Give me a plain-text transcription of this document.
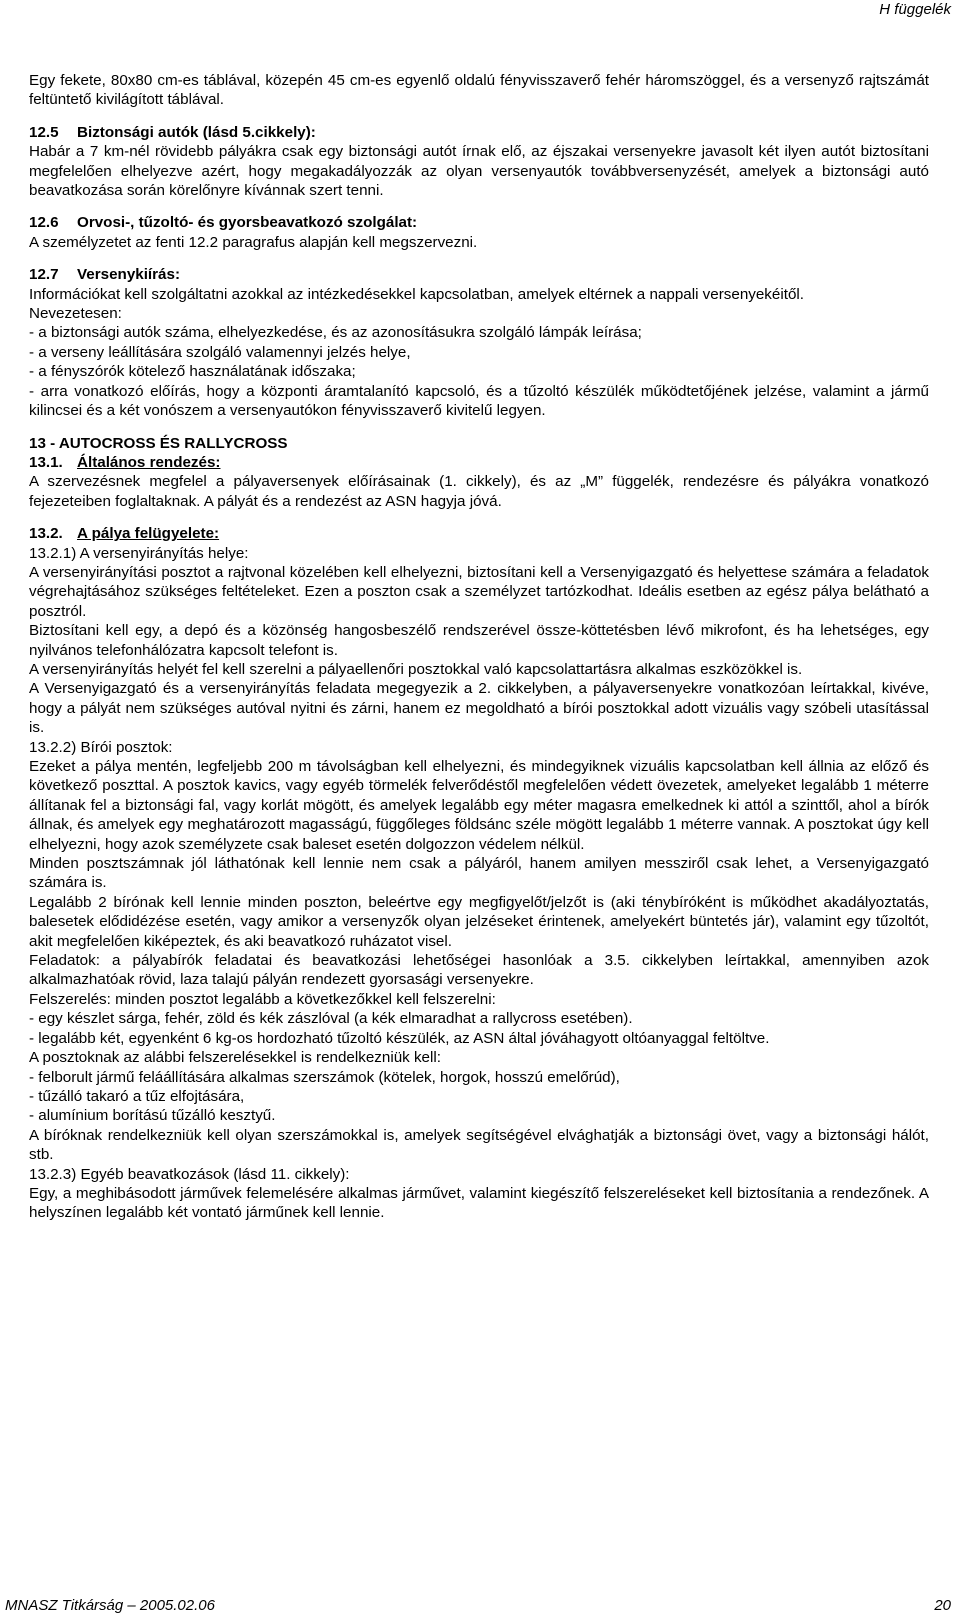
H függelék

Egy fekete, 80x80 cm-es táblával, közepén 45 cm-es egyenlő oldalú fényvisszaverő fehér háromszöggel, és a versenyző rajtszámát feltüntető kivilágított táblával.

12.5 Biztonsági autók (lásd 5.cikkely):

Habár a 7 km-nél rövidebb pályákra csak egy biztonsági autót írnak elő, az éjszakai versenyekre javasolt két ilyen autót biztosítani megfelelően elhelyezve azért, hogy megakadályozzák az olyan versenyautók továbbversenyzését, amelyek a biztonsági autó beavatkozása során körelőnyre kívánnak szert tenni.

12.6 Orvosi-, tűzoltó- és gyorsbeavatkozó szolgálat:

A személyzetet az fenti 12.2 paragrafus alapján kell megszervezni.

12.7 Versenykiírás:

Információkat kell szolgáltatni azokkal az intézkedésekkel kapcsolatban, amelyek eltérnek a nappali versenyekéitől.

Nevezetesen:

- a biztonsági autók száma, elhelyezkedése, és az azonosításukra szolgáló lámpák leírása;

- a verseny leállítására szolgáló valamennyi jelzés helye,

- a fényszórók kötelező használatának időszaka;

- arra vonatkozó előírás, hogy a központi áramtalanító kapcsoló, és a tűzoltó készülék működtetőjének jelzése, valamint a jármű kilincsei és a két vonószem a versenyautókon fényvisszaverő kivitelű legyen.

13 - AUTOCROSS ÉS RALLYCROSS

13.1. Általános rendezés:

A szervezésnek megfelel a pályaversenyek előírásainak (1. cikkely), és az „M” függelék, rendezésre és pályákra vonatkozó fejezeteiben foglaltaknak. A pályát és a rendezést az ASN hagyja jóvá.

13.2. A pálya felügyelete:

13.2.1) A versenyirányítás helye:

A versenyirányítási posztot a rajtvonal közelében kell elhelyezni, biztosítani kell a Versenyigazgató és helyettese számára a feladatok végrehajtásához szükséges feltételeket. Ezen a poszton csak a személyzet tartózkodhat. Ideális esetben az egész pálya belátható a posztról.

Biztosítani kell egy, a depó és a közönség hangosbeszélő rendszerével össze-köttetésben lévő mikrofont, és ha lehetséges, egy nyilvános telefonhálózatra kapcsolt telefont is.

A versenyirányítás helyét fel kell szerelni a pályaellenőri posztokkal való kapcsolattartásra alkalmas eszközökkel is.

A Versenyigazgató és a versenyirányítás feladata megegyezik a 2. cikkelyben, a pályaversenyekre vonatkozóan leírtakkal, kivéve, hogy a pályát nem szükséges autóval nyitni és zárni, hanem ez megoldható a bírói posztokkal adott vizuális vagy szóbeli utasítással is.

13.2.2) Bírói posztok:

Ezeket a pálya mentén, legfeljebb 200 m távolságban kell elhelyezni, és mindegyiknek vizuális kapcsolatban kell állnia az előző és következő poszttal. A posztok kavics, vagy egyéb törmelék felverődéstől megfelelően védett övezetek, amelyeket legalább 1 méterre állítanak fel a biztonsági fal, vagy korlát mögött, és amelyek legalább egy méter magasra emelkednek ki attól a szinttől, ahol a bírók állnak, és amelyek egy meghatározott magasságú, függőleges földsánc széle mögött legalább 1 méterre vannak. A posztokat úgy kell elhelyezni, hogy azok személyzete csak baleset esetén dolgozzon védelem nélkül.

Minden posztszámnak jól láthatónak kell lennie nem csak a pályáról, hanem amilyen messziről csak lehet, a Versenyigazgató számára is.

Legalább 2 bírónak kell lennie minden poszton, beleértve egy megfigyelőt/jelzőt is (aki ténybíróként is működhet akadályoztatás, balesetek elődidézése esetén, vagy amikor a versenyzők olyan jelzéseket érintenek, amelyekért büntetés jár), valamint egy tűzoltót, akit megfelelően kiképeztek, és aki beavatkozó ruházatot visel.

Feladatok: a pályabírók feladatai és beavatkozási lehetőségei hasonlóak a 3.5. cikkelyben leírtakkal, amennyiben azok alkalmazhatóak rövid, laza talajú pályán rendezett gyorsasági versenyekre.

Felszerelés: minden posztot legalább a következőkkel kell felszerelni:

- egy készlet sárga, fehér, zöld és kék zászlóval (a kék elmaradhat a rallycross esetében).

- legalább két, egyenként 6 kg-os hordozható tűzoltó készülék, az ASN által jóváhagyott oltóanyaggal feltöltve.

A posztoknak az alábbi felszerelésekkel is rendelkezniük kell:

- felborult jármű feláállítására alkalmas szerszámok (kötelek, horgok, hosszú emelőrúd),

- tűzálló takaró a tűz elfojtására,

- alumínium borítású tűzálló kesztyű.

A bíróknak rendelkezniük kell olyan szerszámokkal is, amelyek segítségével elvághatják a biztonsági övet, vagy a biztonsági hálót, stb.

13.2.3) Egyéb beavatkozások (lásd 11. cikkely):

Egy, a meghibásodott járművek felemelésére alkalmas járművet, valamint kiegészítő felszereléseket kell biztosítania a rendezőnek. A helyszínen legalább két vontató járműnek kell lennie.

MNASZ Titkárság – 2005.02.06	20
